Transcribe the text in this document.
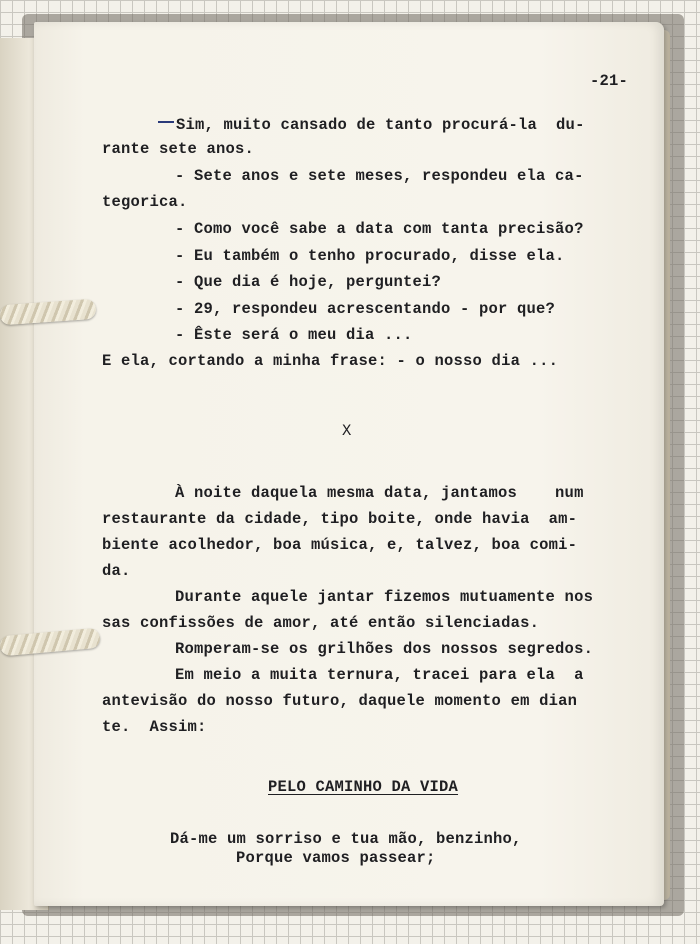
-21-
Sim, muito cansado de tanto procurá-la  du-
rante sete anos.
- Sete anos e sete meses, respondeu ela ca-
tegorica.
- Como você sabe a data com tanta precisão?
- Eu também o tenho procurado, disse ela.
- Que dia é hoje, perguntei?
- 29, respondeu acrescentando - por que?
- Êste será o meu dia ...
E ela, cortando a minha frase: - o nosso dia ...
X
À noite daquela mesma data, jantamos    num
restaurante da cidade, tipo boite, onde havia  am-
biente acolhedor, boa música, e, talvez, boa comi-
da.
Durante aquele jantar fizemos mutuamente nos
sas confissões de amor, até então silenciadas.
Romperam-se os grilhões dos nossos segredos.
Em meio a muita ternura, tracei para ela  a
antevisão do nosso futuro, daquele momento em dian
te.  Assim:
PELO CAMINHO DA VIDA
Dá-me um sorriso e tua mão, benzinho,
Porque vamos passear;
